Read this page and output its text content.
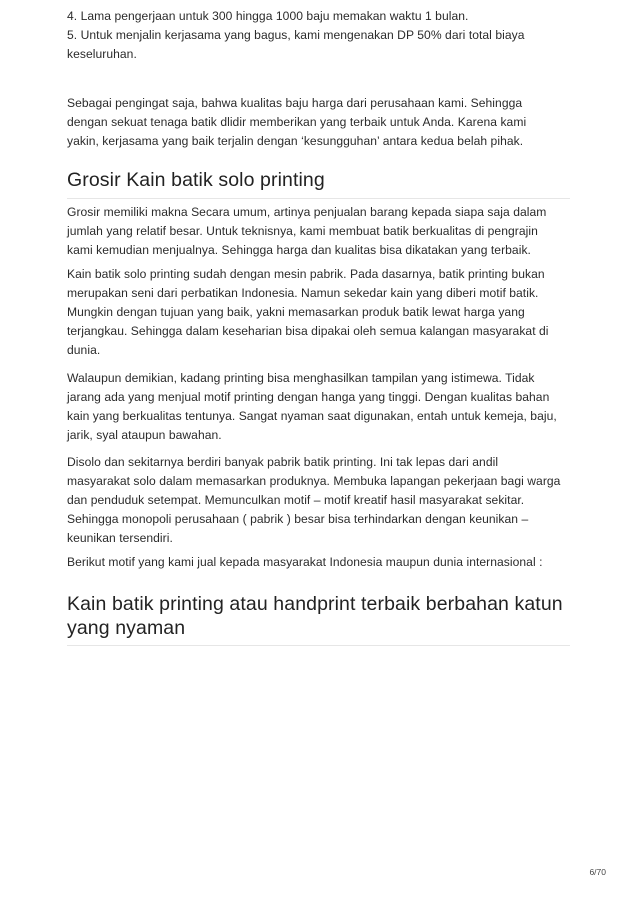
4. Lama pengerjaan untuk 300 hingga 1000 baju memakan waktu 1 bulan.

5. Untuk menjalin kerjasama yang bagus, kami mengenakan DP 50% dari total biaya

keseluruhan.

Sebagai pengingat saja, bahwa kualitas baju harga dari perusahaan kami. Sehingga

dengan sekuat tenaga batik dlidir memberikan yang terbaik untuk Anda. Karena kami

yakin, kerjasama yang baik terjalin dengan ‘kesungguhan’ antara kedua belah pihak.

Grosir Kain batik solo printing

Grosir memiliki makna Secara umum, artinya penjualan barang kepada siapa saja dalam

jumlah yang relatif besar. Untuk teknisnya, kami membuat batik berkualitas di pengrajin

kami kemudian menjualnya. Sehingga harga dan kualitas bisa dikatakan yang terbaik.

Kain batik solo printing sudah dengan mesin pabrik. Pada dasarnya, batik printing bukan

merupakan seni dari perbatikan Indonesia. Namun sekedar kain yang diberi motif batik.

Mungkin dengan tujuan yang baik, yakni memasarkan produk batik lewat harga yang

terjangkau. Sehingga dalam keseharian bisa dipakai oleh semua kalangan masyarakat di

dunia.

Walaupun demikian, kadang printing bisa menghasilkan tampilan yang istimewa. Tidak

jarang ada yang menjual motif printing dengan hanga yang tinggi. Dengan kualitas bahan

kain yang berkualitas tentunya. Sangat nyaman saat digunakan, entah untuk kemeja, baju,

jarik, syal ataupun bawahan.

Disolo dan sekitarnya berdiri banyak pabrik batik printing. Ini tak lepas dari andil

masyarakat solo dalam memasarkan produknya. Membuka lapangan pekerjaan bagi warga

dan penduduk setempat. Memunculkan motif – motif kreatif hasil masyarakat sekitar.

Sehingga monopoli perusahaan ( pabrik ) besar bisa terhindarkan dengan keunikan –

keunikan tersendiri.

Berikut motif yang kami jual kepada masyarakat Indonesia maupun dunia internasional :

Kain batik printing atau handprint terbaik berbahan katun
yang nyaman
6/70
